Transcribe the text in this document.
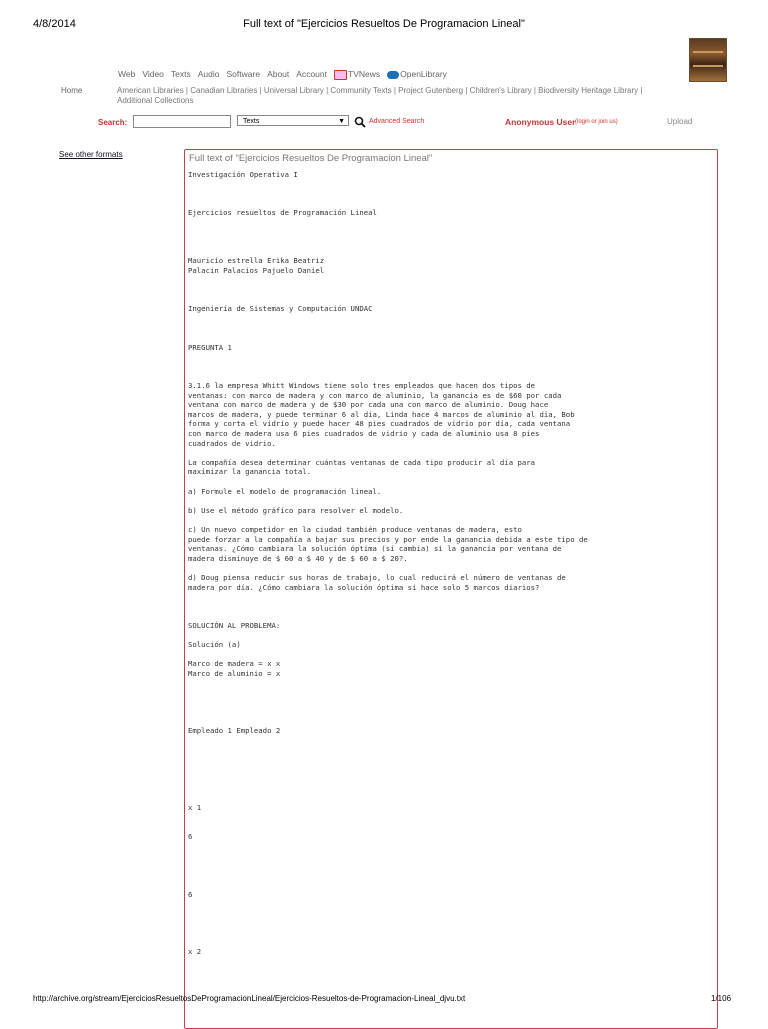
4/8/2014	Full text of "Ejercicios Resueltos De Programacion Lineal"
Web Video Texts Audio Software About Account	TVNews	OpenLibrary
Home	American Libraries | Canadian Libraries | Universal Library | Community Texts | Project Gutenberg | Children's Library | Biodiversity Heritage Library | Additional Collections
Search:	Texts	▼	Advanced Search	Anonymous User (login or join us)	Upload
See other formats	Full text of "Ejercicios Resueltos De Programacion Lineal"
Investigación Operativa I

Ejercicios resueltos de Programación Lineal

Mauricio estrella Erika Beatriz
Palacin Palacios Pajuelo Daniel

Ingeniería de Sistemas y Computación UNDAC

PREGUNTA 1

3.1.6 la empresa Whitt Windows tiene solo tres empleados que hacen dos tipos de
ventanas: con marco de madera y con marco de aluminio, la ganancia es de $60 por cada
ventana con marco de madera y de $30 por cada una con marco de aluminio. Doug hace
marcos de madera, y puede terminar 6 al día, Linda hace 4 marcos de aluminio al día, Bob
forma y corta el vidrio y puede hacer 48 pies cuadrados de vidrio por día, cada ventana
con marco de madera usa 6 pies cuadrados de vidrio y cada de aluminio usa 8 pies
cuadrados de vidrio.

La compañía desea determinar cuántas ventanas de cada tipo producir al día para
maximizar la ganancia total.

a) Formule el modelo de programación lineal.

b) Use el método gráfico para resolver el modelo.

c) Un nuevo competidor en la ciudad también produce ventanas de madera, esto
puede forzar a la compañía a bajar sus precios y por ende la ganancia debida a este tipo de
ventanas. ¿Cómo cambiara la solución óptima (si cambia) si la ganancia por ventana de
madera disminuye de $ 60 a $ 40 y de $ 60 a $ 20?.

d) Doug piensa reducir sus horas de trabajo, lo cual reducirá el número de ventanas de
madera por día. ¿Cómo cambiara la solución óptima si hace solo 5 marcos diarios?

SOLUCIÓN AL PROBLEMA:

Solución (a)

Marco de madera = x x
Marco de aluminio = x

Empleado 1 Empleado 2

x 1

6

6

x 2
http://archive.org/stream/EjerciciosResueltosDeProgramacionLineal/Ejercicios-Resueltos-de-Programacion-Lineal_djvu.txt	1/106
